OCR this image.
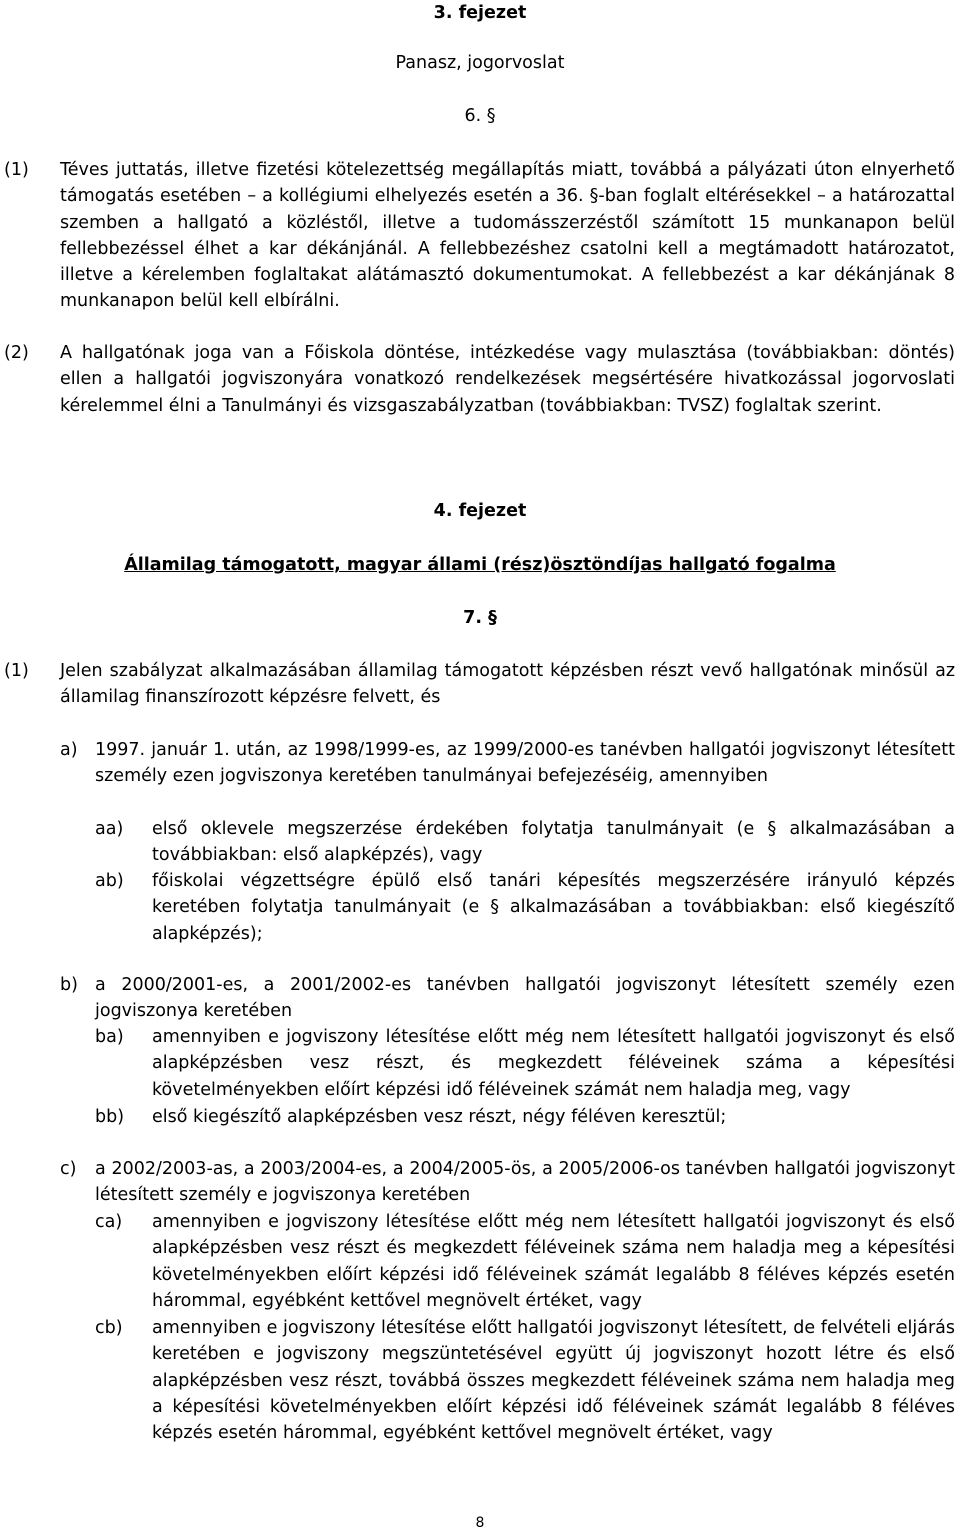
3. fejezet
Panasz, jogorvoslat
6. §
(1) Téves juttatás, illetve fizetési kötelezettség megállapítás miatt, továbbá a pályázati úton elnyerhető támogatás esetében – a kollégiumi elhelyezés esetén a 36. §-ban foglalt eltérésekkel – a határozattal szemben a hallgató a közléstől, illetve a tudomásszerzéstől számított 15 munkanapon belül fellebbezéssel élhet a kar dékánjánál. A fellebbezéshez csatolni kell a megtámadott határozatot, illetve a kérelemben foglaltakat alátámasztó dokumentumokat. A fellebbezést a kar dékánjának 8 munkanapon belül kell elbírálni.
(2) A hallgatónak joga van a Főiskola döntése, intézkedése vagy mulasztása (továbbiakban: döntés) ellen a hallgatói jogviszonyára vonatkozó rendelkezések megsértésére hivatkozással jogorvoslati kérelemmel élni a Tanulmányi és vizsgaszabályzatban (továbbiakban: TVSZ) foglaltak szerint.
4. fejezet
Államilag támogatott, magyar állami (rész)ösztöndíjas hallgató fogalma
7. §
(1) Jelen szabályzat alkalmazásában államilag támogatott képzésben részt vevő hallgatónak minősül az államilag finanszírozott képzésre felvett, és
a) 1997. január 1. után, az 1998/1999-es, az 1999/2000-es tanévben hallgatói jogviszonyt létesített személy ezen jogviszonya keretében tanulmányai befejezéséig, amennyiben
aa) első oklevele megszerzése érdekében folytatja tanulmányait (e § alkalmazásában a továbbiakban: első alapképzés), vagy
ab) főiskolai végzettségre épülő első tanári képesítés megszerzésére irányuló képzés keretében folytatja tanulmányait (e § alkalmazásában a továbbiakban: első kiegészítő alapképzés);
b) a 2000/2001-es, a 2001/2002-es tanévben hallgatói jogviszonyt létesített személy ezen jogviszonya keretében
ba) amennyiben e jogviszony létesítése előtt még nem létesített hallgatói jogviszonyt és első alapképzésben vesz részt, és megkezdett féléveinek száma a képesítési követelményekben előírt képzési idő féléveinek számát nem haladja meg, vagy
bb) első kiegészítő alapképzésben vesz részt, négy féléven keresztül;
c) a 2002/2003-as, a 2003/2004-es, a 2004/2005-ös, a 2005/2006-os tanévben hallgatói jogviszonyt létesített személy e jogviszonya keretében
ca) amennyiben e jogviszony létesítése előtt még nem létesített hallgatói jogviszonyt és első alapképzésben vesz részt és megkezdett féléveinek száma nem haladja meg a képesítési követelményekben előírt képzési idő féléveinek számát legalább 8 féléves képzés esetén hárommal, egyébként kettővel megnövelt értéket, vagy
cb) amennyiben e jogviszony létesítése előtt hallgatói jogviszonyt létesített, de felvételi eljárás keretében e jogviszony megszüntetésével együtt új jogviszonyt hozott létre és első alapképzésben vesz részt, továbbá összes megkezdett féléveinek száma nem haladja meg a képesítési követelményekben előírt képzési idő féléveinek számát legalább 8 féléves képzés esetén hárommal, egyébként kettővel megnövelt értéket, vagy
8
